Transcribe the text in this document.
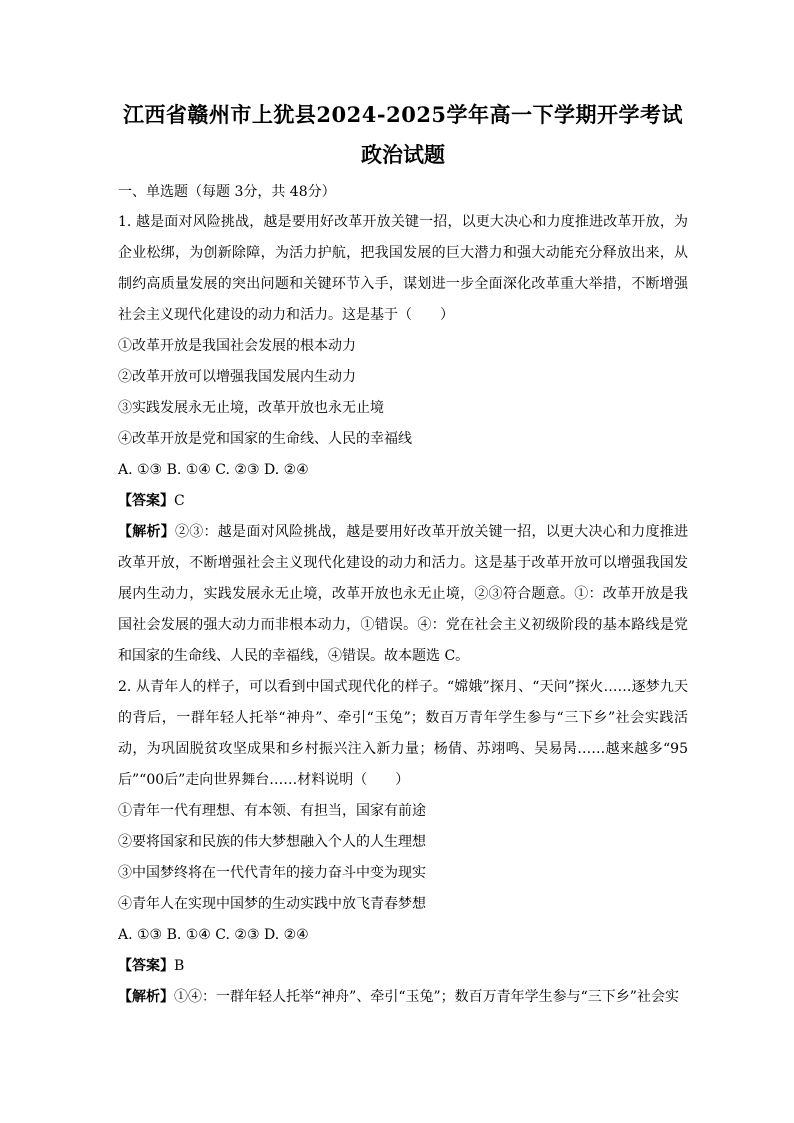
江西省赣州市上犹县2024-2025学年高一下学期开学考试
政治试题

一、单选题（每题 3分，共 48分）

1. 越是面对风险挑战，越是要用好改革开放关键一招，以更大决心和力度推进改革开放，为企业松绑，为创新除障，为活力护航，把我国发展的巨大潜力和强大动能充分释放出来，从制约高质量发展的突出问题和关键环节入手，谋划进一步全面深化改革重大举措，不断增强社会主义现代化建设的动力和活力。这是基于（　　）

①改革开放是我国社会发展的根本动力

②改革开放可以增强我国发展内生动力

③实践发展永无止境，改革开放也永无止境

④改革开放是党和国家的生命线、人民的幸福线

A. ①③ B. ①④ C. ②③ D. ②④

【答案】C

【解析】②③：越是面对风险挑战，越是要用好改革开放关键一招，以更大决心和力度推进改革开放，不断增强社会主义现代化建设的动力和活力。这是基于改革开放可以增强我国发展内生动力，实践发展永无止境，改革开放也永无止境，②③符合题意。①：改革开放是我国社会发展的强大动力而非根本动力，①错误。④：党在社会主义初级阶段的基本路线是党和国家的生命线、人民的幸福线，④错误。故本题选 C。

2. 从青年人的样子，可以看到中国式现代化的样子。“嫦娥”探月、“天问”探火……逐梦九天的背后，一群年轻人托举“神舟”、牵引“玉兔”；数百万青年学生参与“三下乡”社会实践活动，为巩固脱贫攻坚成果和乡村振兴注入新力量；杨倩、苏翊鸣、吴易昺……越来越多“95后”“00后”走向世界舞台……材料说明（　　）

①青年一代有理想、有本领、有担当，国家有前途

②要将国家和民族的伟大梦想融入个人的人生理想

③中国梦终将在一代代青年的接力奋斗中变为现实

④青年人在实现中国梦的生动实践中放飞青春梦想

A. ①③ B. ①④ C. ②③ D. ②④

【答案】B

【解析】①④：一群年轻人托举“神舟”、牵引“玉兔”；数百万青年学生参与“三下乡”社会实
